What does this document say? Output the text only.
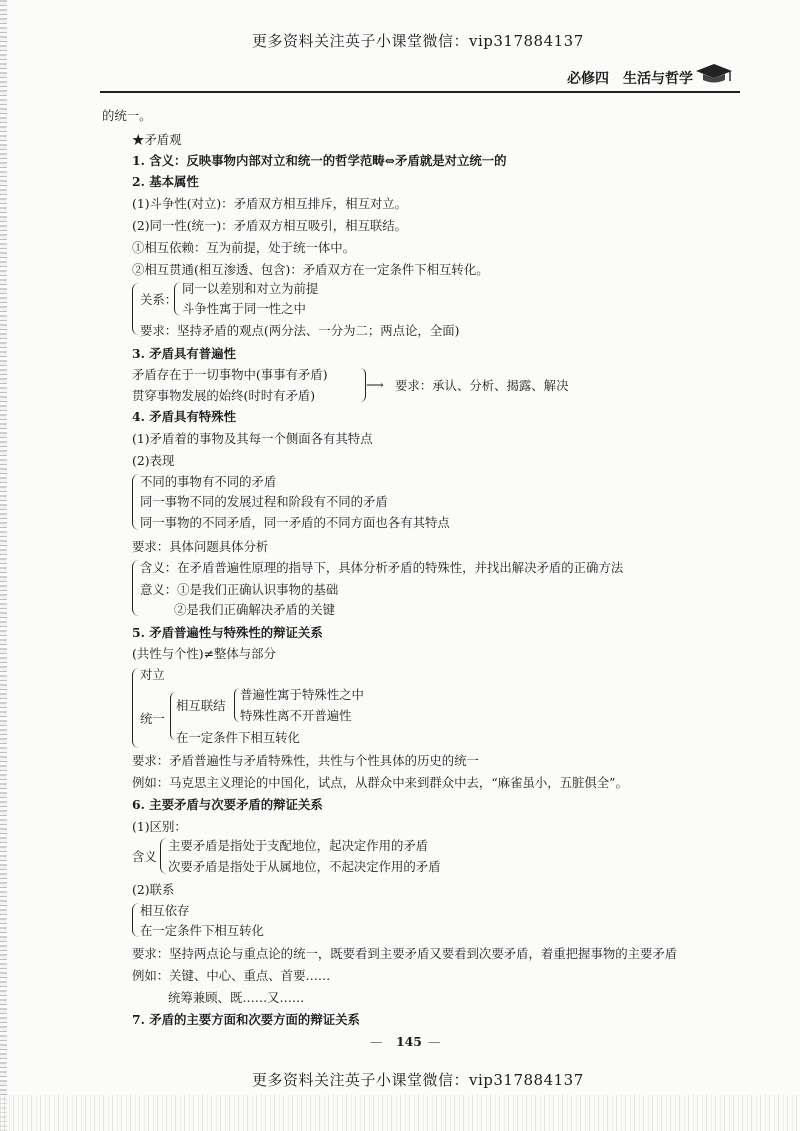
更多资料关注英子小课堂微信：vip317884137
必修四　生活与哲学
的统一。
★矛盾观
1. 含义：反映事物内部对立和统一的哲学范畴⇔矛盾就是对立统一的
2. 基本属性
(1)斗争性(对立)：矛盾双方相互排斥，相互对立。
(2)同一性(统一)：矛盾双方相互吸引，相互联结。
①相互依赖：互为前提，处于统一体中。
②相互贯通(相互渗透、包含)：矛盾双方在一定条件下相互转化。
关系：
同一以差别和对立为前提
斗争性寓于同一性之中
要求：坚持矛盾的观点(两分法、一分为二；两点论，全面)
3. 矛盾具有普遍性
矛盾存在于一切事物中(事事有矛盾)
贯穿事物发展的始终(时时有矛盾)
⟶ 要求：承认、分析、揭露、解决
4. 矛盾具有特殊性
(1)矛盾着的事物及其每一个侧面各有其特点
(2)表现
不同的事物有不同的矛盾
同一事物不同的发展过程和阶段有不同的矛盾
同一事物的不同矛盾，同一矛盾的不同方面也各有其特点
要求：具体问题具体分析
含义：在矛盾普遍性原理的指导下，具体分析矛盾的特殊性，并找出解决矛盾的正确方法
意义：①是我们正确认识事物的基础
②是我们正确解决矛盾的关键
5. 矛盾普遍性与特殊性的辩证关系
(共性与个性)≠整体与部分
对立
统一
相互联结
普遍性寓于特殊性之中
特殊性离不开普遍性
在一定条件下相互转化
要求：矛盾普遍性与矛盾特殊性，共性与个性具体的历史的统一
例如：马克思主义理论的中国化，试点，从群众中来到群众中去，“麻雀虽小，五脏俱全”。
6. 主要矛盾与次要矛盾的辩证关系
(1)区别：
含义
主要矛盾是指处于支配地位，起决定作用的矛盾
次要矛盾是指处于从属地位，不起决定作用的矛盾
(2)联系
相互依存
在一定条件下相互转化
要求：坚持两点论与重点论的统一，既要看到主要矛盾又要看到次要矛盾，着重把握事物的主要矛盾
例如：关键、中心、重点、首要……
统筹兼顾、既……又……
7. 矛盾的主要方面和次要方面的辩证关系
— 145 —
更多资料关注英子小课堂微信：vip317884137
